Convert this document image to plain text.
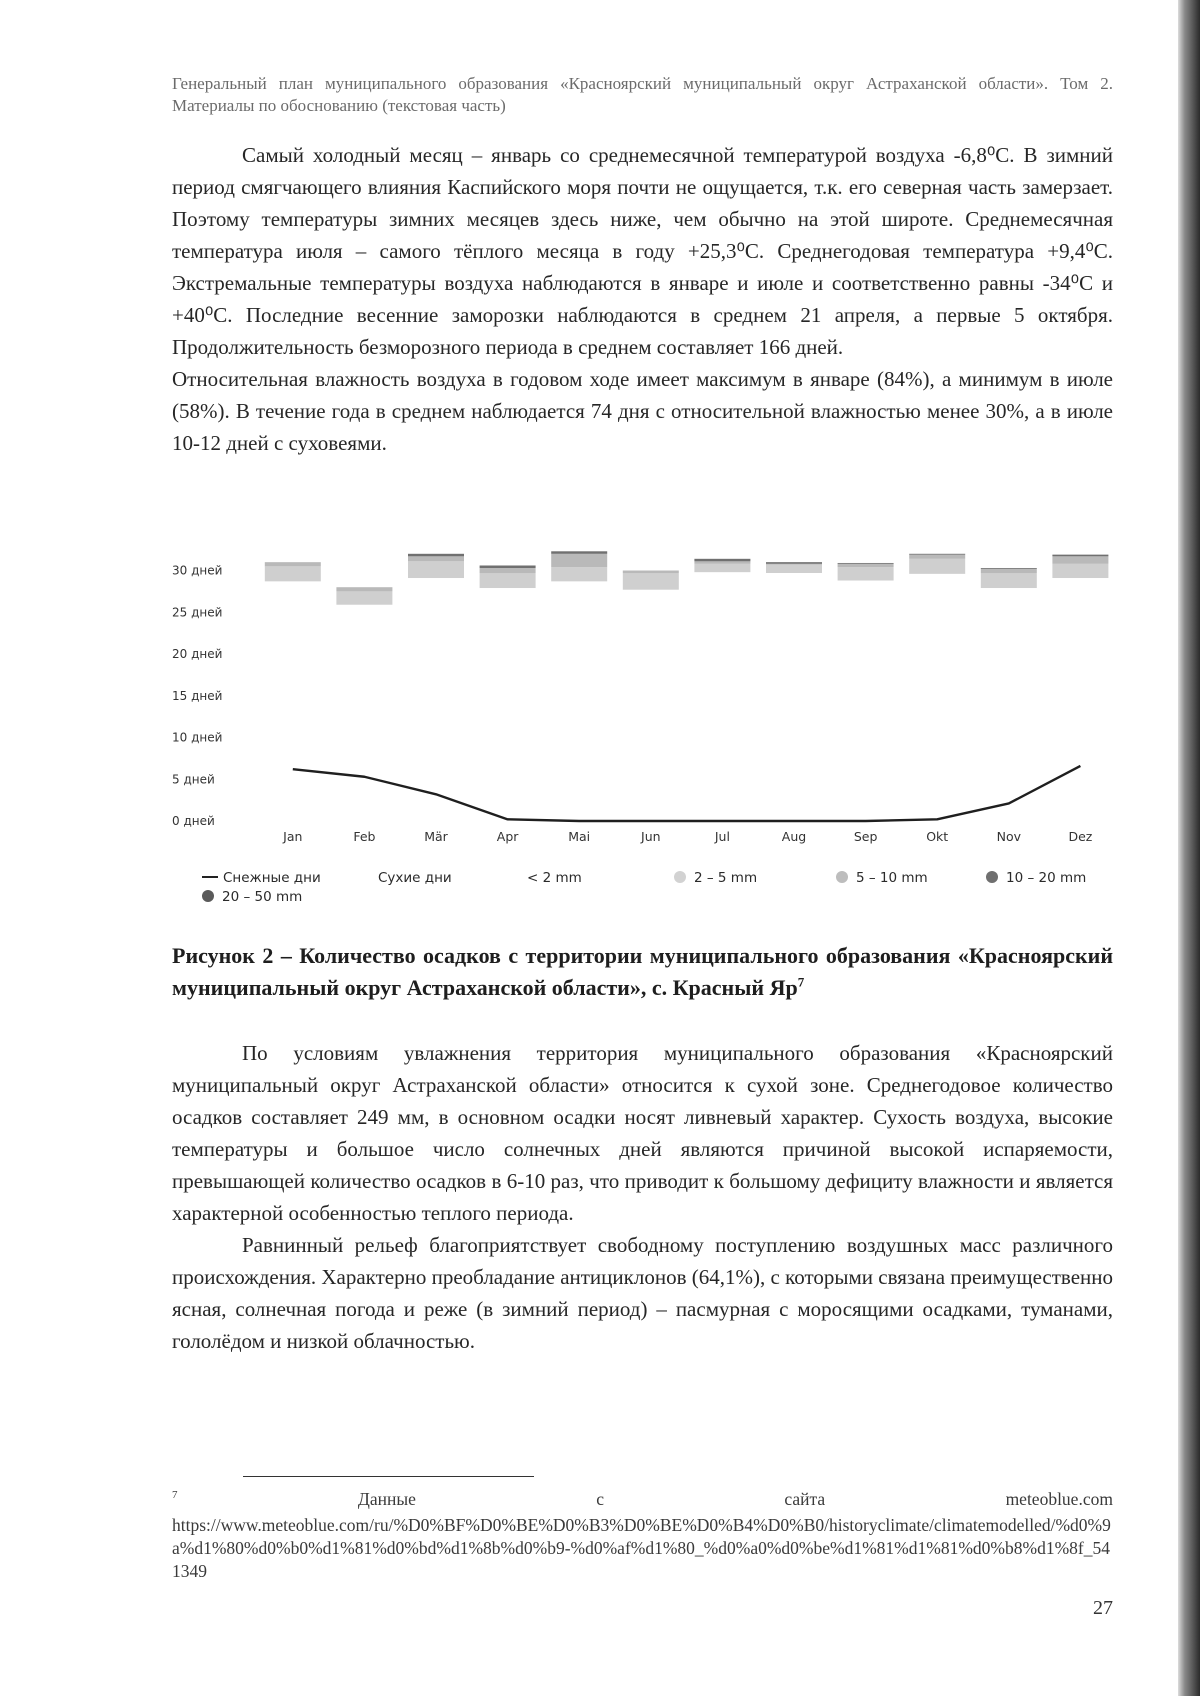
Генеральный план муниципального образования «Красноярский муниципальный округ Астраханской области». Том 2. Материалы по обоснованию (текстовая часть)

Самый холодный месяц – январь со среднемесячной температурой воздуха -6,8⁰С. В зимний период смягчающего влияния Каспийского моря почти не ощущается, т.к. его северная часть замерзает. Поэтому температуры зимних месяцев здесь ниже, чем обычно на этой широте. Среднемесячная температура июля – самого тёплого месяца в году +25,3⁰С. Среднегодовая температура +9,4⁰С. Экстремальные температуры воздуха наблюдаются в январе и июле и соответственно равны -34⁰С и +40⁰С. Последние весенние заморозки наблюдаются в среднем 21 апреля, а первые 5 октября. Продолжительность безморозного периода в среднем составляет 166 дней.

Относительная влажность воздуха в годовом ходе имеет максимум в январе (84%), а минимум в июле (58%). В течение года в среднем наблюдается 74 дня с относительной влажностью менее 30%, а в июле 10-12 дней с суховеями.

0 дней
5 дней
10 дней
15 дней
20 дней
25 дней
30 дней
Jan	Feb	Mär	Apr	Mai	Jun	Jul	Aug	Sep	Okt	Nov	Dez
Снежные дни	Сухие дни	< 2 mm	2 – 5 mm	5 – 10 mm	10 – 20 mm
20 – 50 mm
Рисунок 2 – Количество осадков с территории муниципального образования «Красноярский муниципальный округ Астраханской области», с. Красный $Яр^7$

По условиям увлажнения территория муниципального образования «Красноярский муниципальный округ Астраханской области» относится к сухой зоне. Среднегодовое количество осадков составляет 249 мм, в основном осадки носят ливневый характер. Сухость воздуха, высокие температуры и большое число солнечных дней являются причиной высокой испаряемости, превышающей количество осадков в 6-10 раз, что приводит к большому дефициту влажности и является характерной особенностью теплого периода.

Равнинный рельеф благоприятствует свободному поступлению воздушных масс различного происхождения. Характерно преобладание антициклонов (64,1%), с которыми связана преимущественно ясная, солнечная погода и реже (в зимний период) – пасмурная с моросящими осадками, туманами, гололёдом и низкой облачностью.

7	Данные	с	сайта	meteoblue.com
https://www.meteoblue.com/ru/%D0%BF%D0%BE%D0%B3%D0%BE%D0%B4%D0%B0/historyclimate/climatemodelled/%d0%9a%d1%80%d0%b0%d1%81%d0%bd%d1%8b%d0%b9-%d0%af%d1%80_%d0%a0%d0%be%d1%81%d1%81%d0%b8%d1%8f_541349
27
